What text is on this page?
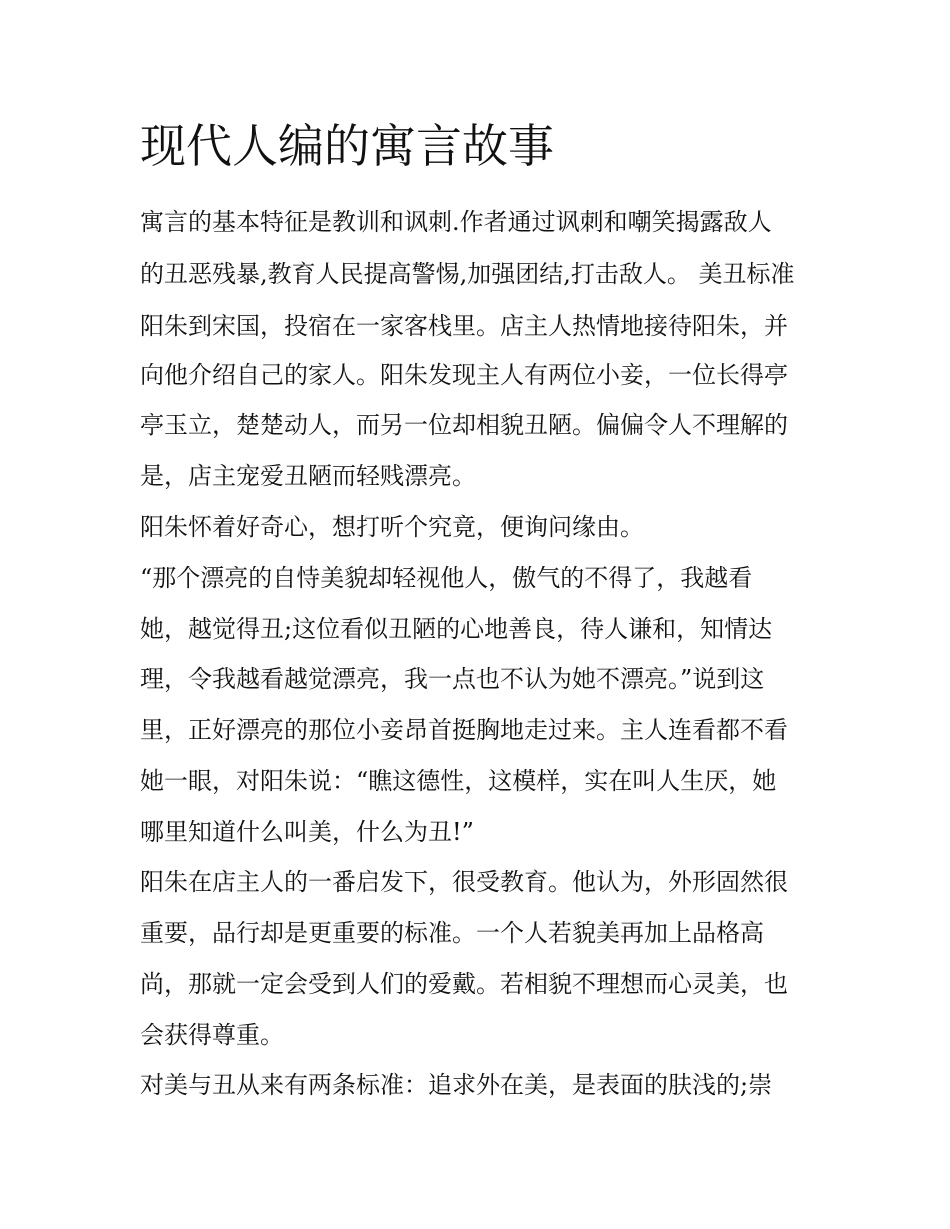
现代人编的寓言故事

寓言的基本特征是教训和讽刺.作者通过讽刺和嘲笑揭露敌人

的丑恶残暴,教育人民提高警惕,加强团结,打击敌人。 美丑标准

阳朱到宋国，投宿在一家客栈里。店主人热情地接待阳朱，并

向他介绍自己的家人。阳朱发现主人有两位小妾，一位长得亭

亭玉立，楚楚动人，而另一位却相貌丑陋。偏偏令人不理解的

是，店主宠爱丑陋而轻贱漂亮。

阳朱怀着好奇心，想打听个究竟，便询问缘由。

“那个漂亮的自恃美貌却轻视他人，傲气的不得了，我越看

她，越觉得丑;这位看似丑陋的心地善良，待人谦和，知情达

理，令我越看越觉漂亮，我一点也不认为她不漂亮。”说到这

里，正好漂亮的那位小妾昂首挺胸地走过来。主人连看都不看

她一眼，对阳朱说：“瞧这德性，这模样，实在叫人生厌，她

哪里知道什么叫美，什么为丑!”

阳朱在店主人的一番启发下，很受教育。他认为，外形固然很

重要，品行却是更重要的标准。一个人若貌美再加上品格高

尚，那就一定会受到人们的爱戴。若相貌不理想而心灵美，也

会获得尊重。

对美与丑从来有两条标准：追求外在美，是表面的肤浅的;崇
